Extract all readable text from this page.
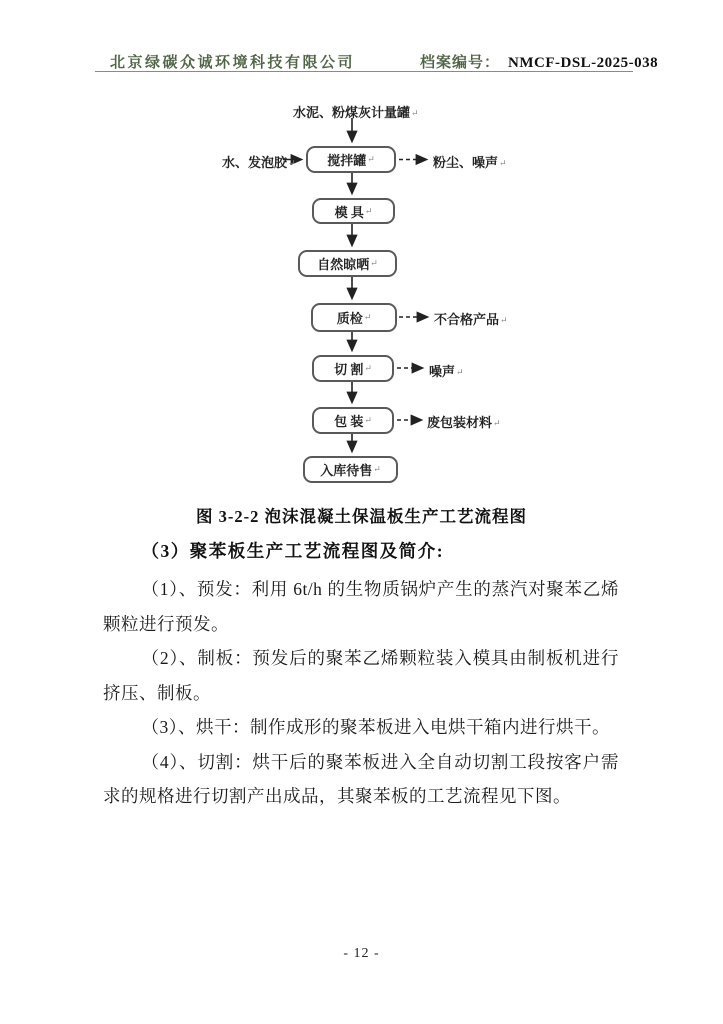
北京绿碳众诚环境科技有限公司	档案编号： NMCF-DSL-2025-038
水泥、粉煤灰计量罐↵
水、发泡胶↵ 搅拌罐 ↵
模 具 ↵
自然晾晒 ↵
质检 ↵
切 割 ↵
包 装 ↵
入库待售 ↵
粉尘、噪声↵
不合格产品↵
噪声↵
废包装材料↵
图 3-2-2 泡沫混凝土保温板生产工艺流程图
（3）聚苯板生产工艺流程图及简介:

（1）、预发：利用 6t/h 的生物质锅炉产生的蒸汽对聚苯乙烯颗粒进行预发。

（2）、制板：预发后的聚苯乙烯颗粒装入模具由制板机进行挤压、制板。

（3）、烘干：制作成形的聚苯板进入电烘干箱内进行烘干。

（4）、切割：烘干后的聚苯板进入全自动切割工段按客户需求的规格进行切割产出成品，其聚苯板的工艺流程见下图。

- 12 -
